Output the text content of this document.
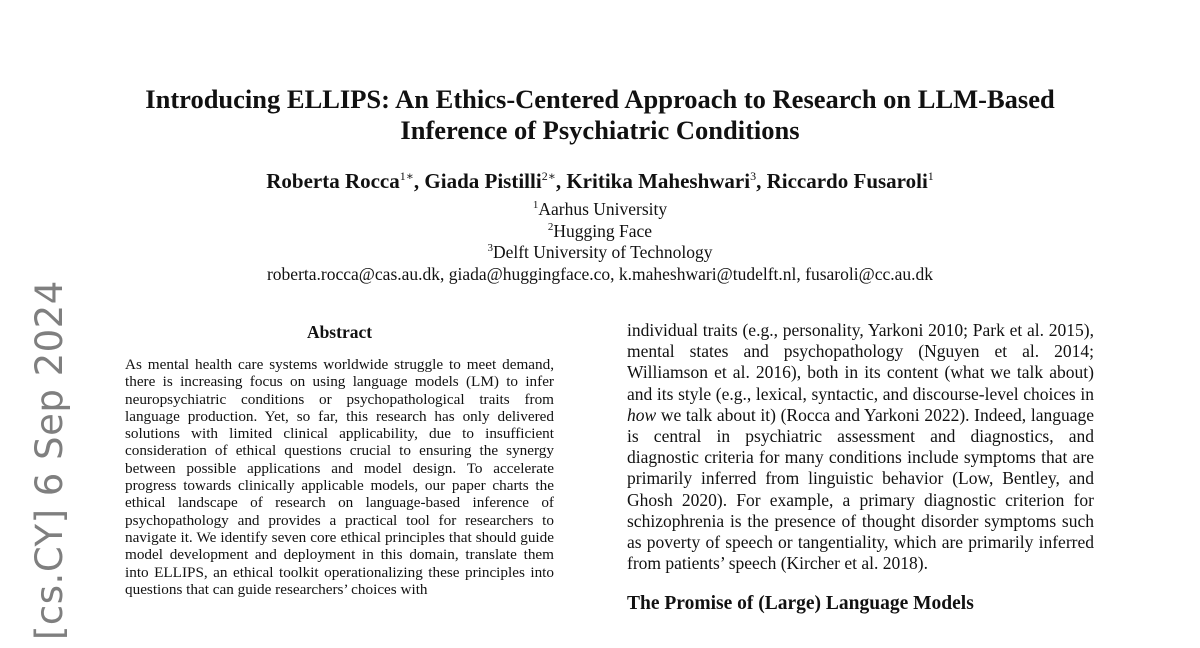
[cs.CY] 6 Sep 2024
Introducing ELLIPS: An Ethics-Centered Approach to Research on LLM-Based
Inference of Psychiatric Conditions
Roberta Rocca$^{1∗}$, Giada Pistilli$^{2∗}$, Kritika Maheshwari$^3$, Riccardo Fusaroli$^1$
$^1$Aarhus University
$^2$Hugging Face
$^3$Delft University of Technology
roberta.rocca@cas.au.dk, giada@huggingface.co, k.maheshwari@tudelft.nl, fusaroli@cc.au.dk
Abstract

As mental health care systems worldwide struggle to meet demand, there is increasing focus on using language models (LM) to infer neuropsychiatric conditions or psychopathological traits from language production. Yet, so far, this research has only delivered solutions with limited clinical applicability, due to insufficient consideration of ethical questions crucial to ensuring the synergy between possible applications and model design. To accelerate progress towards clinically applicable models, our paper charts the ethical landscape of research on language-based inference of psychopathology and provides a practical tool for researchers to navigate it. We identify seven core ethical principles that should guide model development and deployment in this domain, translate them into ELLIPS, an ethical toolkit operationalizing these principles into questions that can guide researchers’ choices with

individual traits (e.g., personality, Yarkoni 2010; Park et al. 2015), mental states and psychopathology (Nguyen et al. 2014; Williamson et al. 2016), both in its content (what we talk about) and its style (e.g., lexical, syntactic, and discourse-level choices in how we talk about it) (Rocca and Yarkoni 2022). Indeed, language is central in psychiatric assessment and diagnostics, and diagnostic criteria for many conditions include symptoms that are primarily inferred from linguistic behavior (Low, Bentley, and Ghosh 2020). For example, a primary diagnostic criterion for schizophrenia is the presence of thought disorder symptoms such as poverty of speech or tangentiality, which are primarily inferred from patients’ speech (Kircher et al. 2018).

The Promise of (Large) Language Models
